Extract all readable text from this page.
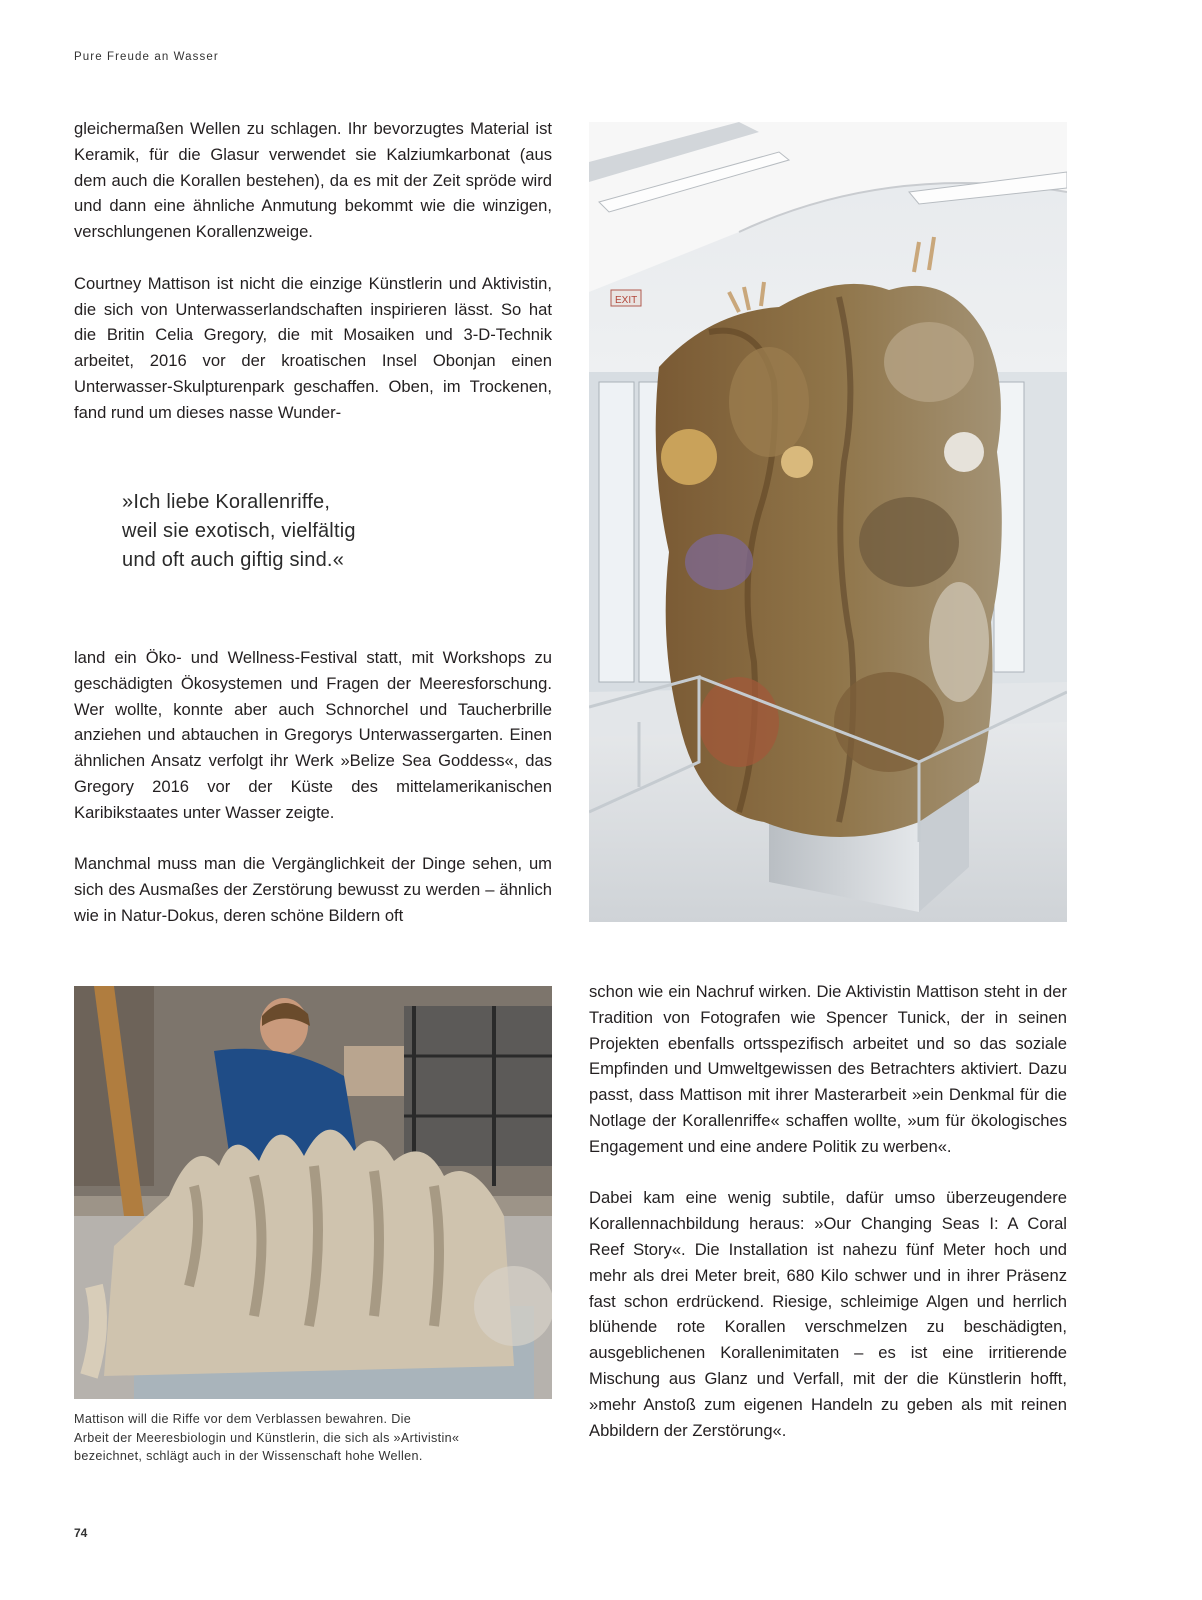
Pure Freude an Wasser

gleichermaßen Wellen zu schlagen. Ihr bevorzugtes Material ist Keramik, für die Glasur verwendet sie Kalziumkarbonat (aus dem auch die Korallen bestehen), da es mit der Zeit spröde wird und dann eine ähnliche Anmutung bekommt wie die winzigen, verschlungenen Korallenzweige.

Courtney Mattison ist nicht die einzige Künstlerin und Aktivistin, die sich von Unterwasserlandschaften inspirieren lässt. So hat die Britin Celia Gregory, die mit Mosaiken und 3-D-Technik arbeitet, 2016 vor der kroatischen Insel Obonjan einen Unterwasser-Skulpturenpark geschaffen. Oben, im Trockenen, fand rund um dieses nasse Wunder-

»Ich liebe Korallenriffe,
weil sie exotisch, vielfältig
und oft auch giftig sind.«

land ein Öko- und Wellness-Festival statt, mit Workshops zu geschädigten Ökosystemen und Fragen der Meeresforschung. Wer wollte, konnte aber auch Schnorchel und Taucherbrille anziehen und abtauchen in Gregorys Unterwassergarten. Einen ähnlichen Ansatz verfolgt ihr Werk »Belize Sea Goddess«, das Gregory 2016 vor der Küste des mittelamerikanischen Karibikstaates unter Wasser zeigte.

Manchmal muss man die Vergänglichkeit der Dinge sehen, um sich des Ausmaßes der Zerstörung bewusst zu werden – ähnlich wie in Natur-Dokus, deren schöne Bildern oft

EXIT
Mattison will die Riffe vor dem Verblassen bewahren. Die
Arbeit der Meeresbiologin und Künstlerin, die sich als »Artivistin«
bezeichnet, schlägt auch in der Wissenschaft hohe Wellen.

schon wie ein Nachruf wirken. Die Aktivistin Mattison steht in der Tradition von Fotografen wie Spencer Tunick, der in seinen Projekten ebenfalls ortsspezifisch arbeitet und so das soziale Empfinden und Umweltgewissen des Betrachters aktiviert. Dazu passt, dass Mattison mit ihrer Masterarbeit »ein Denkmal für die Notlage der Korallenriffe« schaffen wollte, »um für ökologisches Engagement und eine andere Politik zu werben«.

Dabei kam eine wenig subtile, dafür umso überzeugendere Korallennachbildung heraus: »Our Changing Seas I: A Coral Reef Story«. Die Installation ist nahezu fünf Meter hoch und mehr als drei Meter breit, 680 Kilo schwer und in ihrer Präsenz fast schon erdrückend. Riesige, schleimige Algen und herrlich blühende rote Korallen verschmelzen zu beschädigten, ausgeblichenen Korallenimitaten – es ist eine irritierende Mischung aus Glanz und Verfall, mit der die Künstlerin hofft, »mehr Anstoß zum eigenen Handeln zu geben als mit reinen Abbildern der Zerstörung«.

74
